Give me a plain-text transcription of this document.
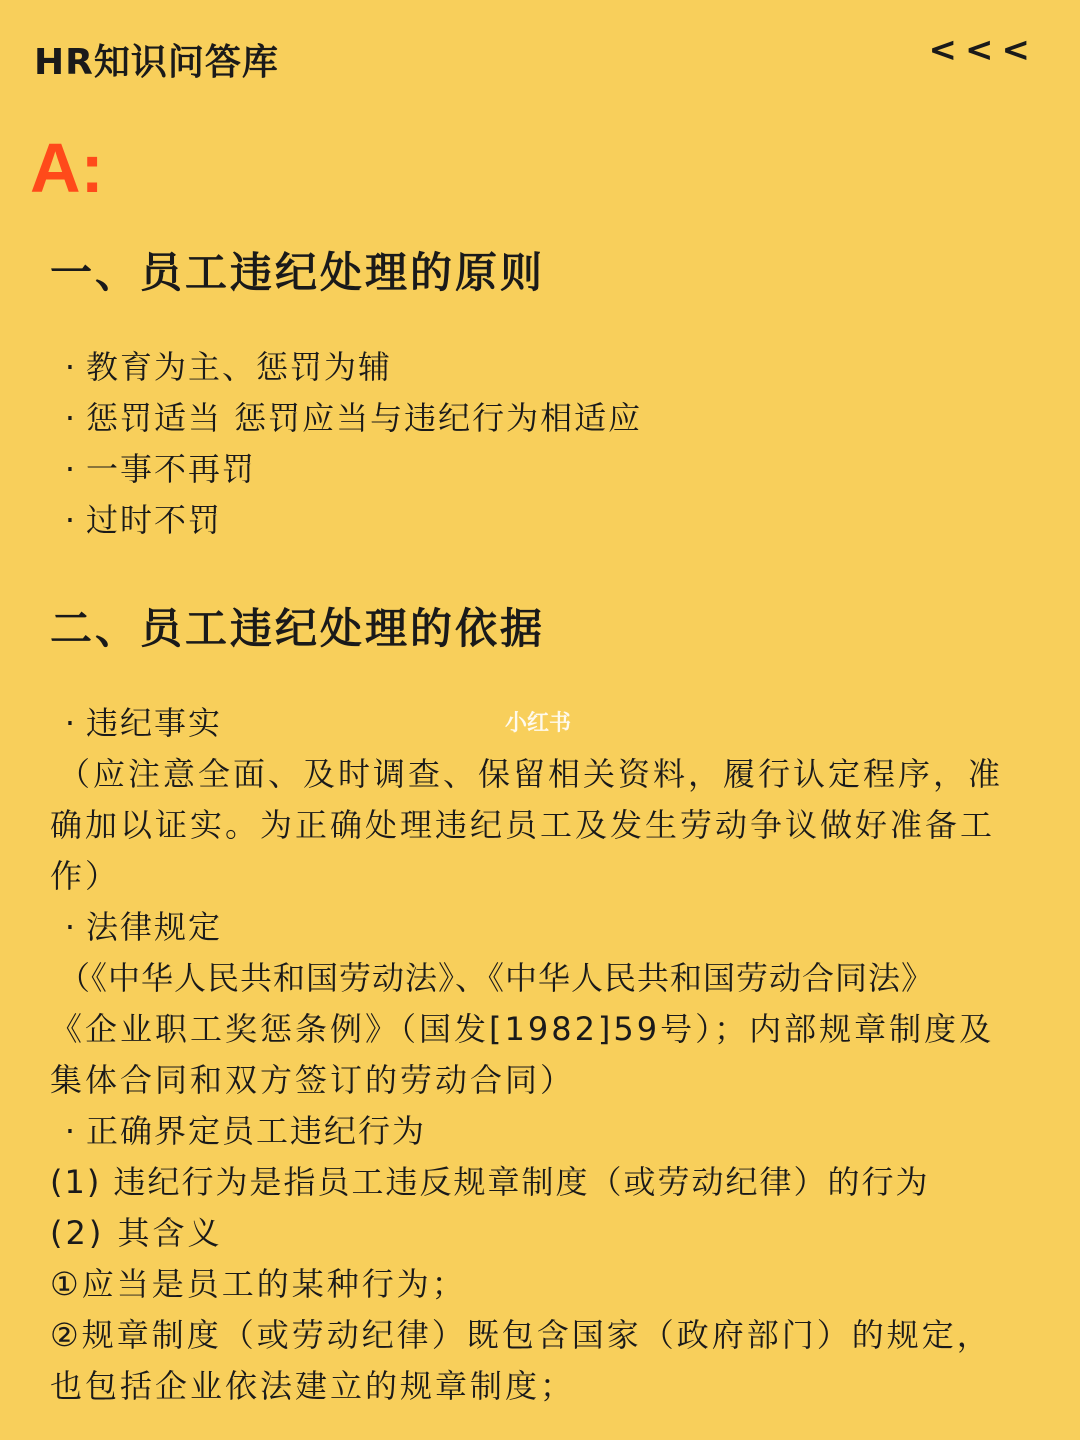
HR知识问答库	<<<
A:
一、员工违纪处理的原则
· 教育为主、惩罚为辅
· 惩罚适当 惩罚应当与违纪行为相适应
· 一事不再罚
· 过时不罚
二、员工违纪处理的依据
· 违纪事实
（应注意全面、及时调查、保留相关资料，履行认定程序，准
确加以证实。为正确处理违纪员工及发生劳动争议做好准备工
作）
· 法律规定
（《中华人民共和国劳动法》、《中华人民共和国劳动合同法》
《企业职工奖惩条例》（国发[1982]59号）；内部规章制度及
集体合同和双方签订的劳动合同）
· 正确界定员工违纪行为
(1) 违纪行为是指员工违反规章制度（或劳动纪律）的行为
(2) 其含义
①应当是员工的某种行为；
②规章制度（或劳动纪律）既包含国家（政府部门）的规定，
也包括企业依法建立的规章制度；
小红书
